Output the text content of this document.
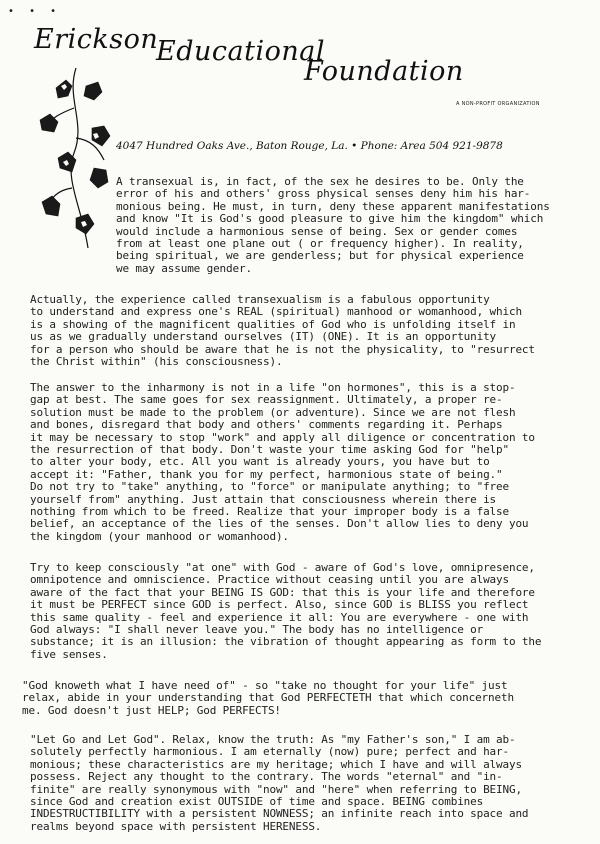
• • •
Erickson
Educational
Foundation
A NON-PROFIT ORGANIZATION
4047 Hundred Oaks Ave., Baton Rouge, La. • Phone: Area 504 921-9878

A transexual is, in fact, of the sex he desires to be. Only the
error of his and others' gross physical senses deny him his har-
monious being. He must, in turn, deny these apparent manifestations
and know "It is God's good pleasure to give him the kingdom" which
would include a harmonious sense of being. Sex or gender comes
from at least one plane out ( or frequency higher). In reality,
being spiritual, we are genderless; but for physical experience
we may assume gender.

Actually, the experience called transexualism is a fabulous opportunity
to understand and express one's REAL (spiritual) manhood or womanhood, which
is a showing of the magnificent qualities of God who is unfolding itself in
us as we gradually understand ourselves (IT) (ONE). It is an opportunity
for a person who should be aware that he is not the physicality, to "resurrect
the Christ within" (his consciousness).

The answer to the inharmony is not in a life "on hormones", this is a stop-
gap at best. The same goes for sex reassignment. Ultimately, a proper re-
solution must be made to the problem (or adventure). Since we are not flesh
and bones, disregard that body and others' comments regarding it. Perhaps
it may be necessary to stop "work" and apply all diligence or concentration to
the resurrection of that body. Don't waste your time asking God for "help"
to alter your body, etc. All you want is already yours, you have but to
accept it: "Father, thank you for my perfect, harmonious state of being."
Do not try to "take" anything, to "force" or manipulate anything; to "free
yourself from" anything. Just attain that consciousness wherein there is
nothing from which to be freed. Realize that your improper body is a false
belief, an acceptance of the lies of the senses. Don't allow lies to deny you
the kingdom (your manhood or womanhood).

Try to keep consciously "at one" with God - aware of God's love, omnipresence,
omnipotence and omniscience. Practice without ceasing until you are always
aware of the fact that your BEING IS GOD: that this is your life and therefore
it must be PERFECT since GOD is perfect. Also, since GOD is BLISS you reflect
this same quality - feel and experience it all: You are everywhere - one with
God always: "I shall never leave you." The body has no intelligence or
substance; it is an illusion: the vibration of thought appearing as form to the
five senses.

"God knoweth what I have need of" - so "take no thought for your life" just
relax, abide in your understanding that God PERFECTETH that which concerneth
me. God doesn't just HELP; God PERFECTS!

"Let Go and Let God". Relax, know the truth: As "my Father's son," I am ab-
solutely perfectly harmonious. I am eternally (now) pure; perfect and har-
monious; these characteristics are my heritage; which I have and will always
possess. Reject any thought to the contrary. The words "eternal" and "in-
finite" are really synonymous with "now" and "here" when referring to BEING,
since God and creation exist OUTSIDE of time and space. BEING combines
INDESTRUCTIBILITY with a persistent NOWNESS; an infinite reach into space and
realms beyond space with persistent HERENESS.
